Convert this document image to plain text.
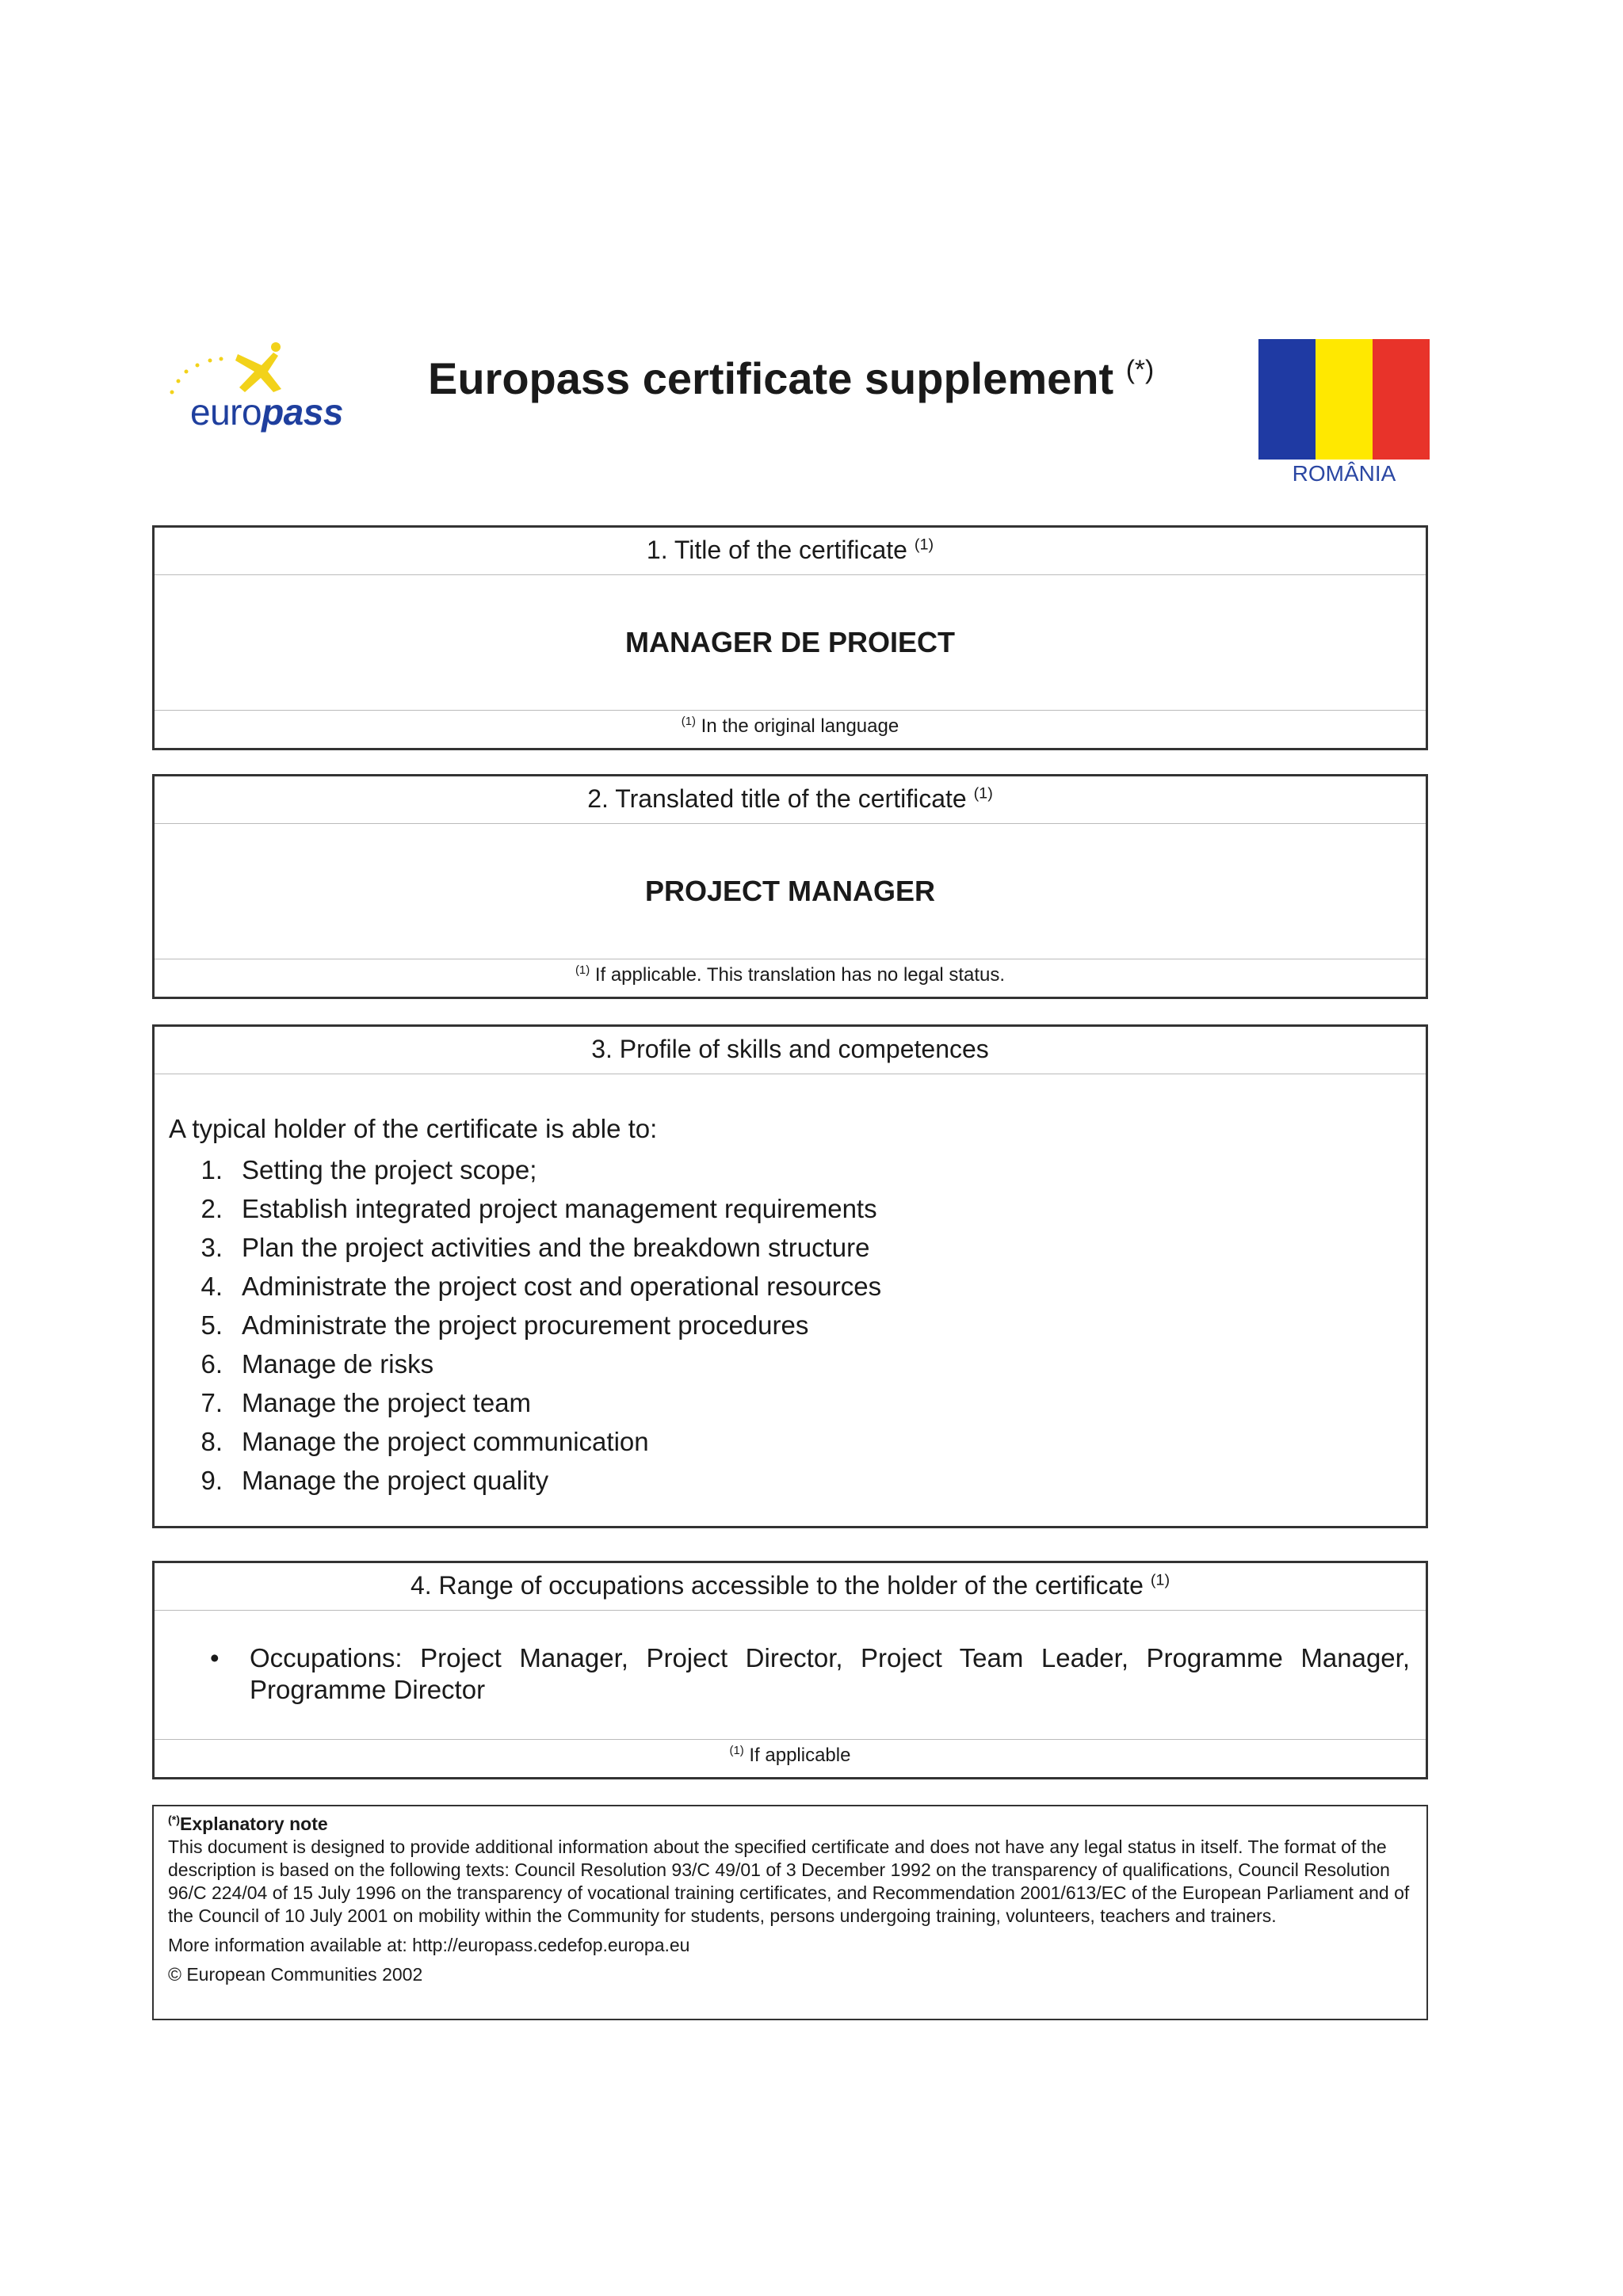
europass
Europass certificate supplement (*)
ROMÂNIA
1. Title of the certificate $^{(1)}$
MANAGER DE PROIECT
$^{(1)}$ In the original language
2. Translated title of the certificate $^{(1)}$
PROJECT MANAGER
$^{(1)}$ If applicable. This translation has no legal status.
3. Profile of skills and competences
A typical holder of the certificate is able to:
1. Setting the project scope;
2. Establish integrated project management requirements
3. Plan the project activities and the breakdown structure
4. Administrate the project cost and operational resources
5. Administrate the project procurement procedures
6. Manage de risks
7. Manage the project team
8. Manage the project communication
9. Manage the project quality
4. Range of occupations accessible to the holder of the certificate $^{(1)}$
• Occupations: Project Manager, Project Director, Project Team Leader, Programme Manager, Programme Director
$^{(1)}$ If applicable
(*)Explanatory note
This document is designed to provide additional information about the specified certificate and does not have any legal status in itself. The format of the description is based on the following texts: Council Resolution 93/C 49/01 of 3 December 1992 on the transparency of qualifications, Council Resolution 96/C 224/04 of 15 July 1996 on the transparency of vocational training certificates, and Recommendation 2001/613/EC of the European Parliament and of the Council of 10 July 2001 on mobility within the Community for students, persons undergoing training, volunteers, teachers and trainers.
More information available at: http://europass.cedefop.europa.eu
© European Communities 2002
